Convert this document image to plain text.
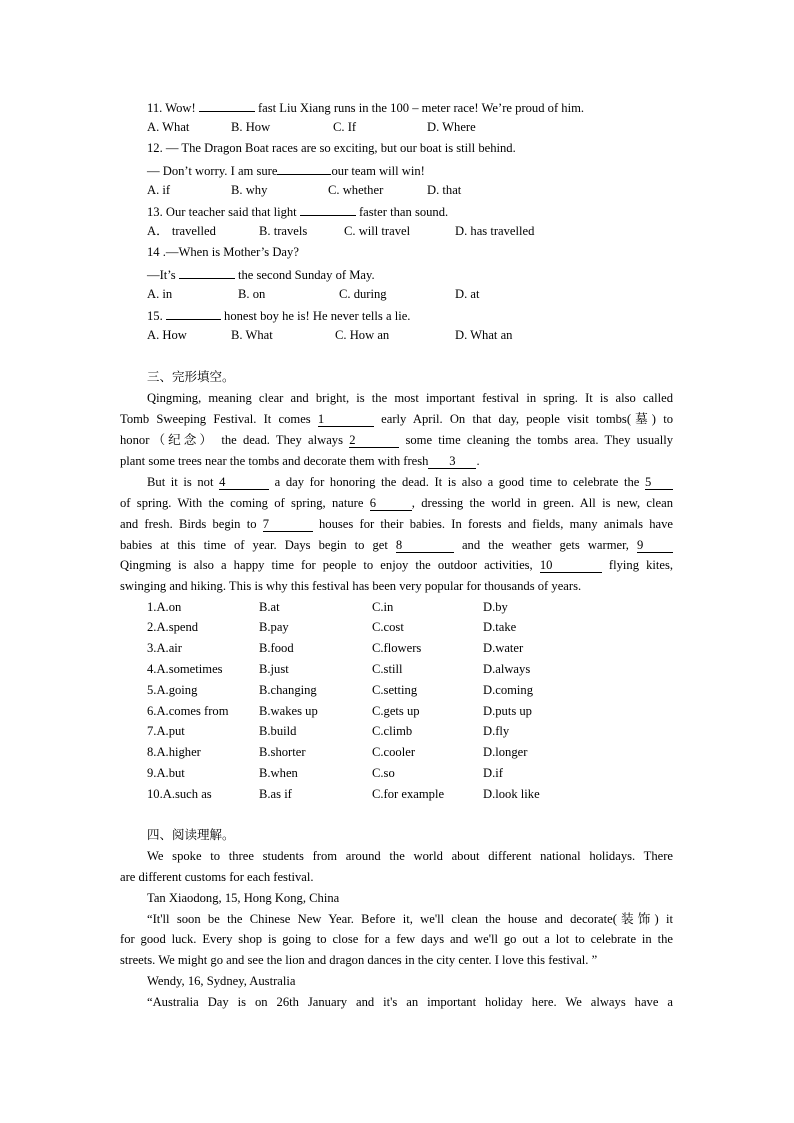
11. Wow!	fast Liu Xiang runs in the 100 – meter race! We’re proud of him.
A. What	B. How	C. If	D. Where
12. — The Dragon Boat races are so exciting, but our boat is still behind.
— Don’t worry. I am sure	our team will win!
A. if	B. why	C. whether	D. that
13. Our teacher said that light	faster than sound.
A． travelled	B. travels	C. will travel	D. has travelled
14 .—When is Mother’s Day?
—It’s	the second Sunday of May.
A. in	B. on	C. during	D. at
15.	honest boy he is! He never tells a lie.
A. How	B. What	C. How an	D. What an
三、完形填空。
Qingming, meaning clear and bright, is the most important festival in spring. It is also called
Tomb Sweeping Festival. It comes 1	early April. On that day, people visit tombs(墓) to
honor（纪念） the dead. They always 2	some time cleaning the tombs area. They usually
plant some trees near the tombs and decorate them with fresh 3 .
But it is not 4	a day for honoring the dead. It is also a good time to celebrate the 5
of spring. With the coming of spring, nature 6	, dressing the world in green. All is new, clean
and fresh. Birds begin to 7	houses for their babies. In forests and fields, many animals have
babies at this time of year. Days begin to get 8	and the weather gets warmer, 9
Qingming is also a happy time for people to enjoy the outdoor activities, 10	flying kites,
swinging and hiking. This is why this festival has been very popular for thousands of years.
1.A.on	B.at	C.in	D.by
2.A.spend	B.pay	C.cost	D.take
3.A.air	B.food	C.flowers	D.water
4.A.sometimes	B.just	C.still	D.always
5.A.going	B.changing	C.setting	D.coming
6.A.comes from B.wakes up	C.gets up	D.puts up
7.A.put	B.build	C.climb	D.fly
8.A.higher	B.shorter	C.cooler	D.longer
9.A.but	B.when	C.so	D.if
10.A.such as	B.as if	C.for example	D.look like
四、阅读理解。
We spoke to three students from around the world about different national holidays. There
are different customs for each festival.
Tan Xiaodong, 15, Hong Kong, China
“It'll soon be the Chinese New Year. Before it, we'll clean the house and decorate(装饰) it
for good luck. Every shop is going to close for a few days and we'll go out a lot to celebrate in the
streets. We might go and see the lion and dragon dances in the city center. I love this festival. ”
Wendy, 16, Sydney, Australia
“Australia Day is on 26th January and it's an important holiday here. We always have a
